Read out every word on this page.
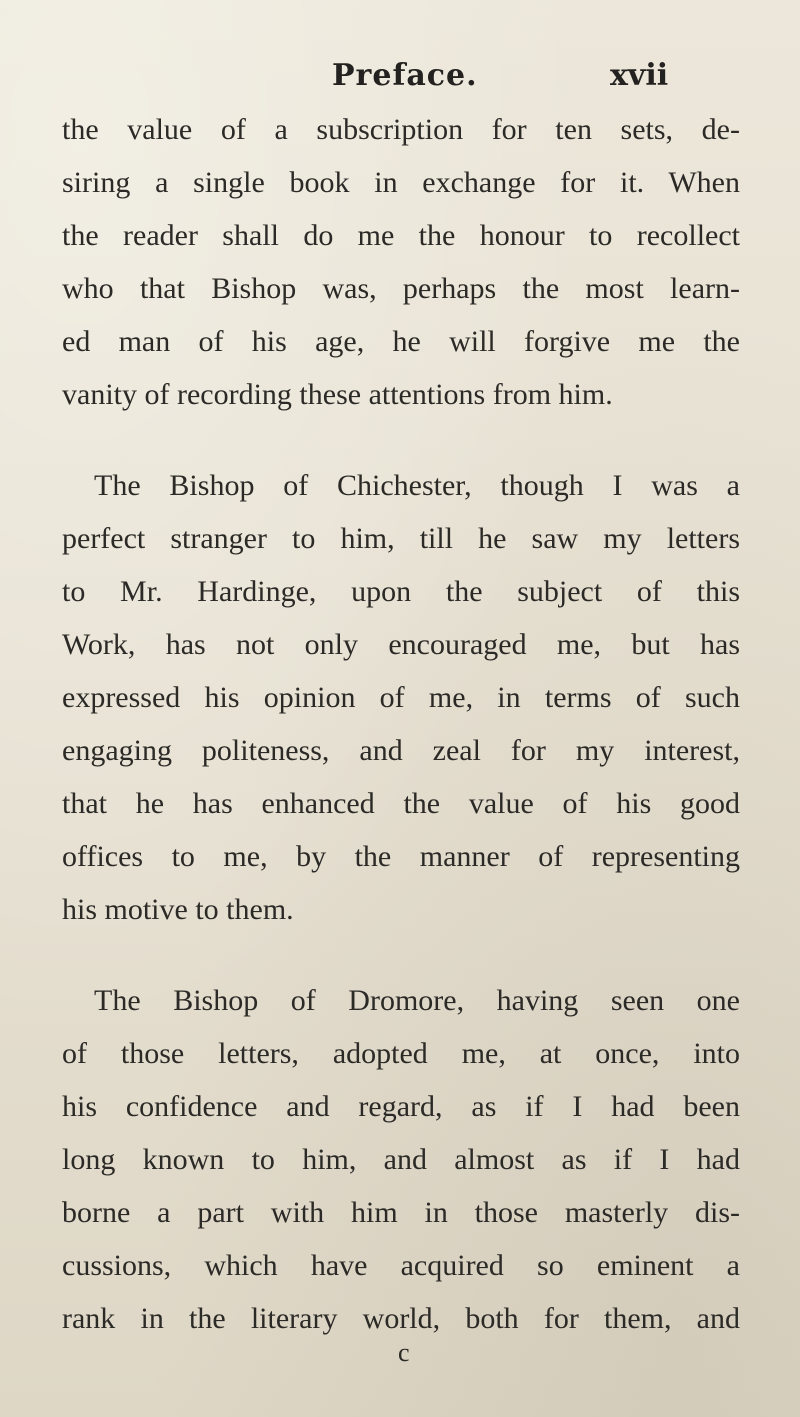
Preface.	xvii
the value of a subscription for ten sets, de-
siring a single book in exchange for it. When
the reader shall do me the honour to recollect
who that Bishop was, perhaps the most learn-
ed man of his age, he will forgive me the
vanity of recording these attentions from him.
The Bishop of Chichester, though I was a
perfect stranger to him, till he saw my letters
to Mr. Hardinge, upon the subject of this
Work, has not only encouraged me, but has
expressed his opinion of me, in terms of such
engaging politeness, and zeal for my interest,
that he has enhanced the value of his good
offices to me, by the manner of representing
his motive to them.
The Bishop of Dromore, having seen one
of those letters, adopted me, at once, into
his confidence and regard, as if I had been
long known to him, and almost as if I had
borne a part with him in those masterly dis-
cussions, which have acquired so eminent a
rank in the literary world, both for them, and
c
